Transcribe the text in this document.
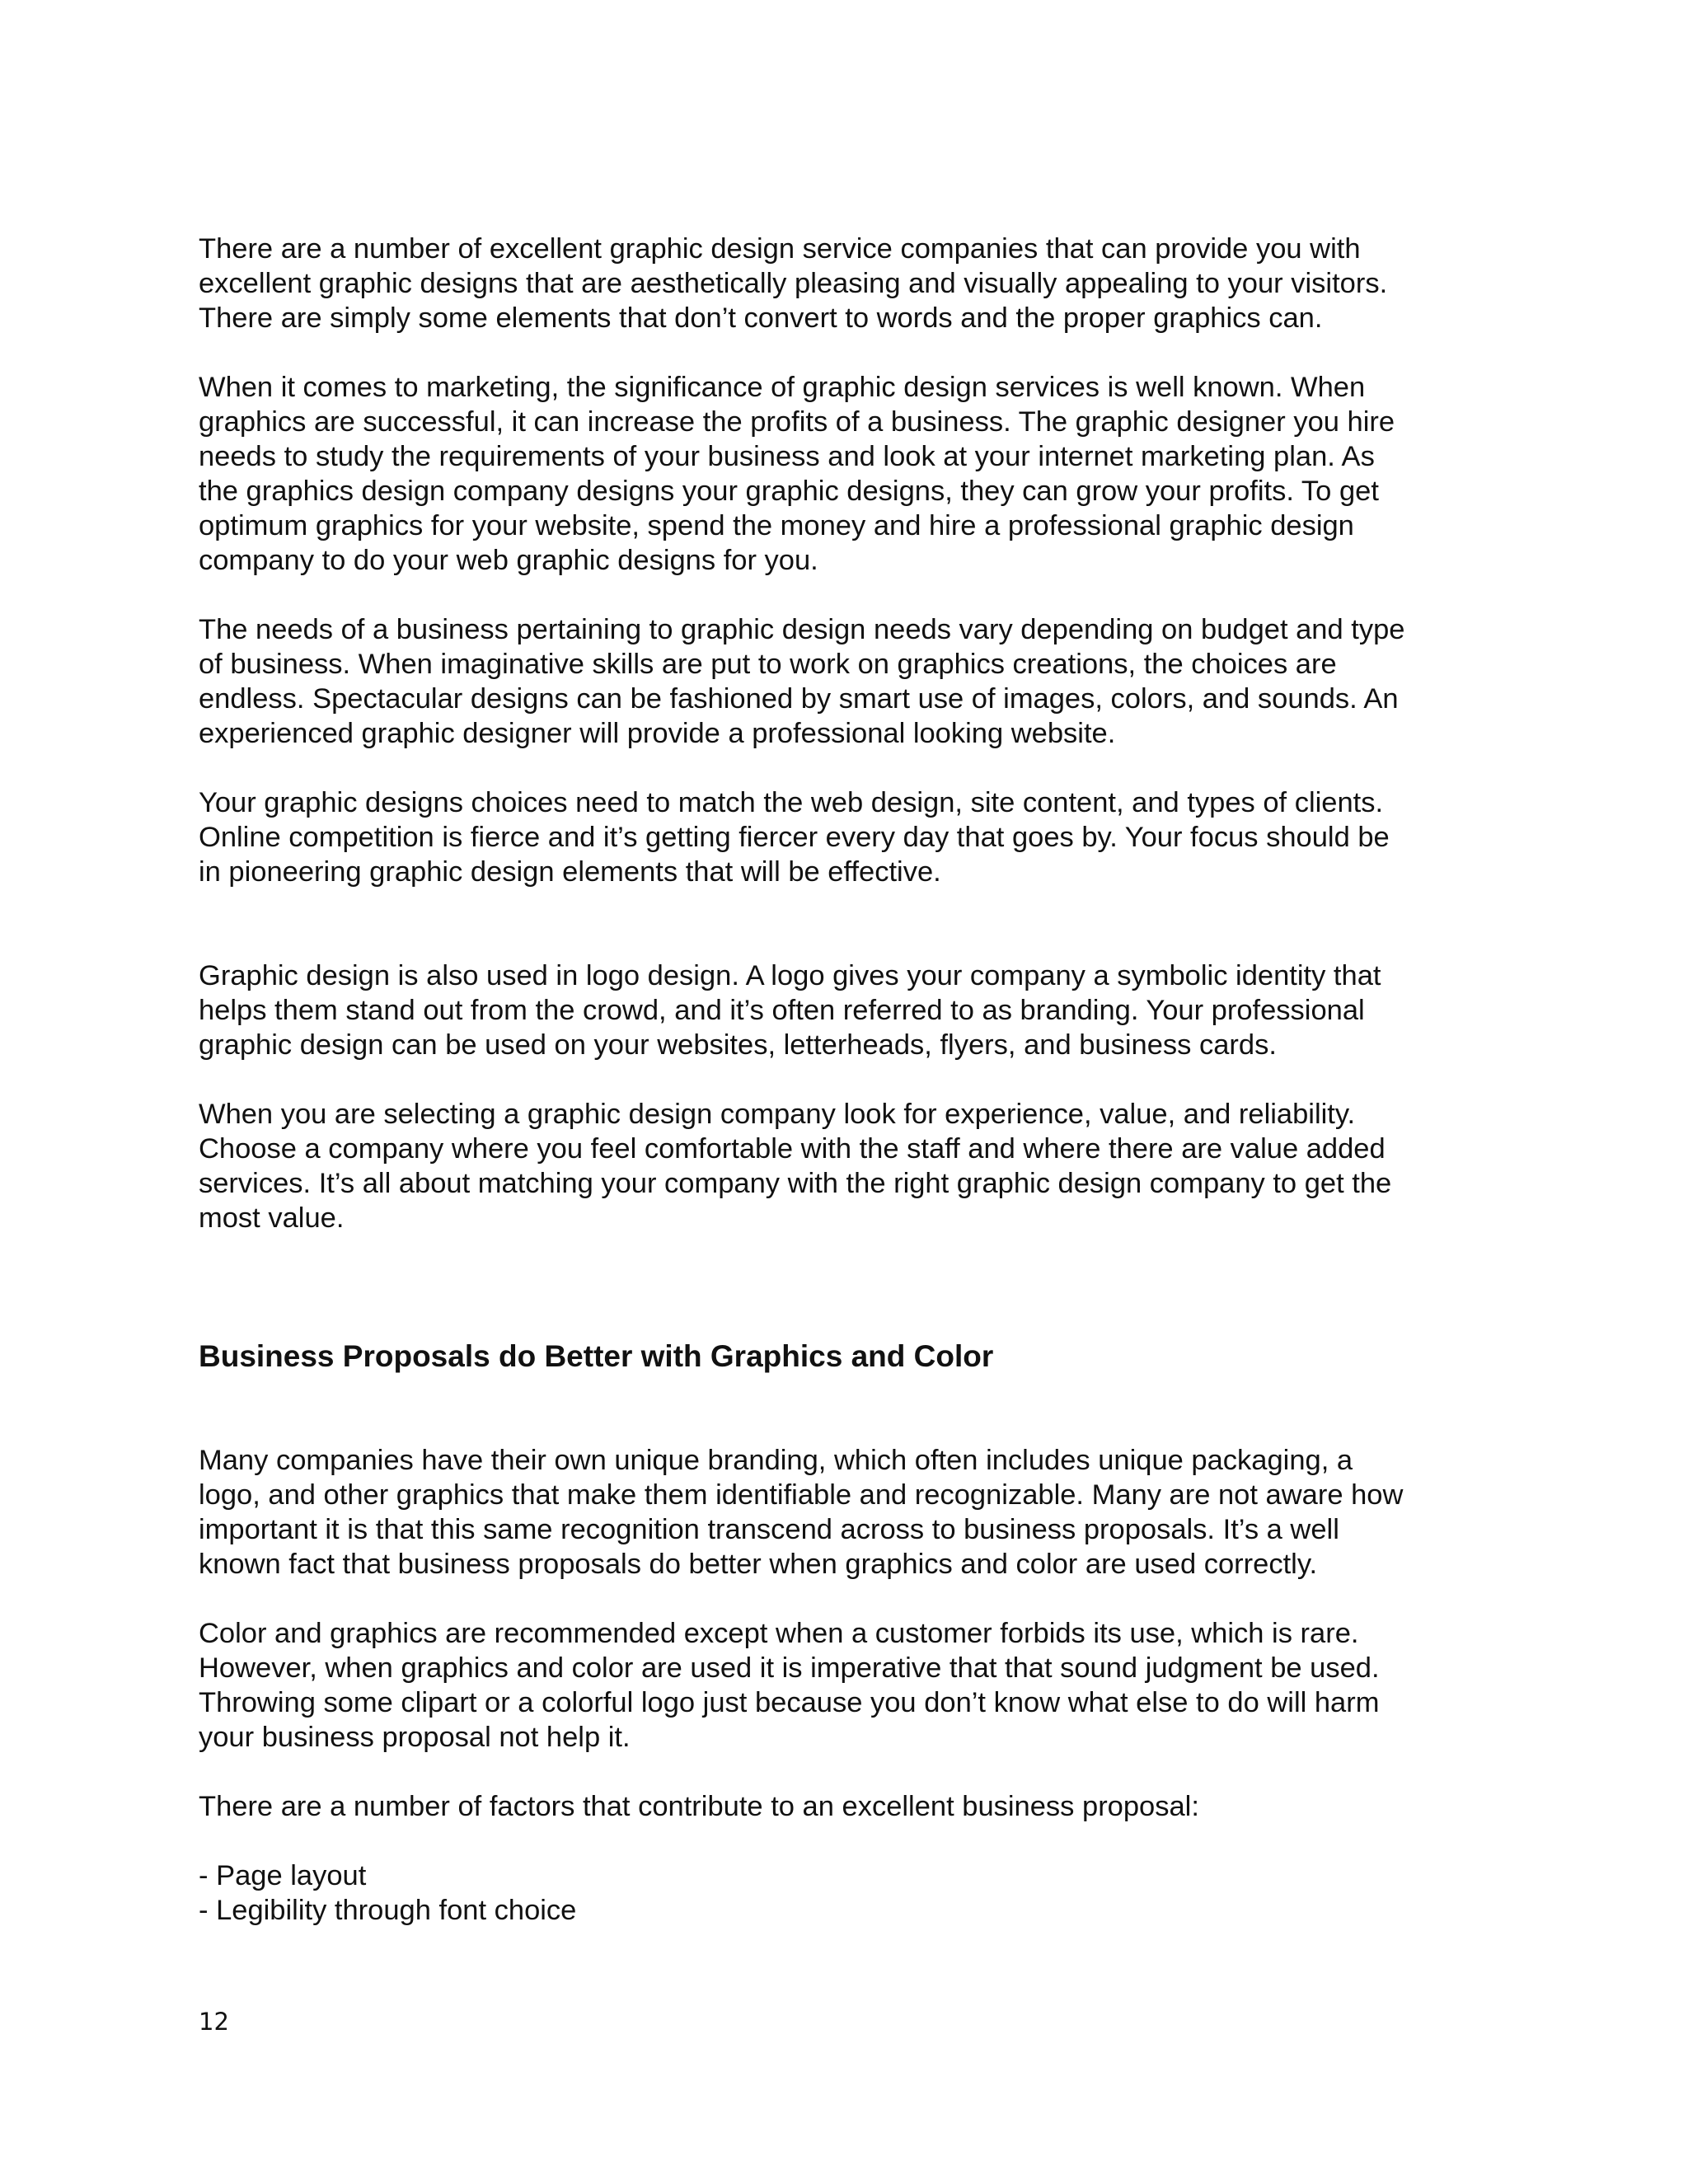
There are a number of excellent graphic design service companies that can provide you with
excellent graphic designs that are aesthetically pleasing and visually appealing to your visitors.
There are simply some elements that don’t convert to words and the proper graphics can.

When it comes to marketing, the significance of graphic design services is well known. When
graphics are successful, it can increase the profits of a business. The graphic designer you hire
needs to study the requirements of your business and look at your internet marketing plan. As
the graphics design company designs your graphic designs, they can grow your profits. To get
optimum graphics for your website, spend the money and hire a professional graphic design
company to do your web graphic designs for you.

The needs of a business pertaining to graphic design needs vary depending on budget and type
of business. When imaginative skills are put to work on graphics creations, the choices are
endless. Spectacular designs can be fashioned by smart use of images, colors, and sounds. An
experienced graphic designer will provide a professional looking website.

Your graphic designs choices need to match the web design, site content, and types of clients.
Online competition is fierce and it’s getting fiercer every day that goes by. Your focus should be
in pioneering graphic design elements that will be effective.

Graphic design is also used in logo design. A logo gives your company a symbolic identity that
helps them stand out from the crowd, and it’s often referred to as branding. Your professional
graphic design can be used on your websites, letterheads, flyers, and business cards.

When you are selecting a graphic design company look for experience, value, and reliability.
Choose a company where you feel comfortable with the staff and where there are value added
services. It’s all about matching your company with the right graphic design company to get the
most value.

Business Proposals do Better with Graphics and Color

Many companies have their own unique branding, which often includes unique packaging, a
logo, and other graphics that make them identifiable and recognizable. Many are not aware how
important it is that this same recognition transcend across to business proposals. It’s a well
known fact that business proposals do better when graphics and color are used correctly.

Color and graphics are recommended except when a customer forbids its use, which is rare.
However, when graphics and color are used it is imperative that that sound judgment be used.
Throwing some clipart or a colorful logo just because you don’t know what else to do will harm
your business proposal not help it.

There are a number of factors that contribute to an excellent business proposal:

- Page layout
- Legibility through font choice
12
